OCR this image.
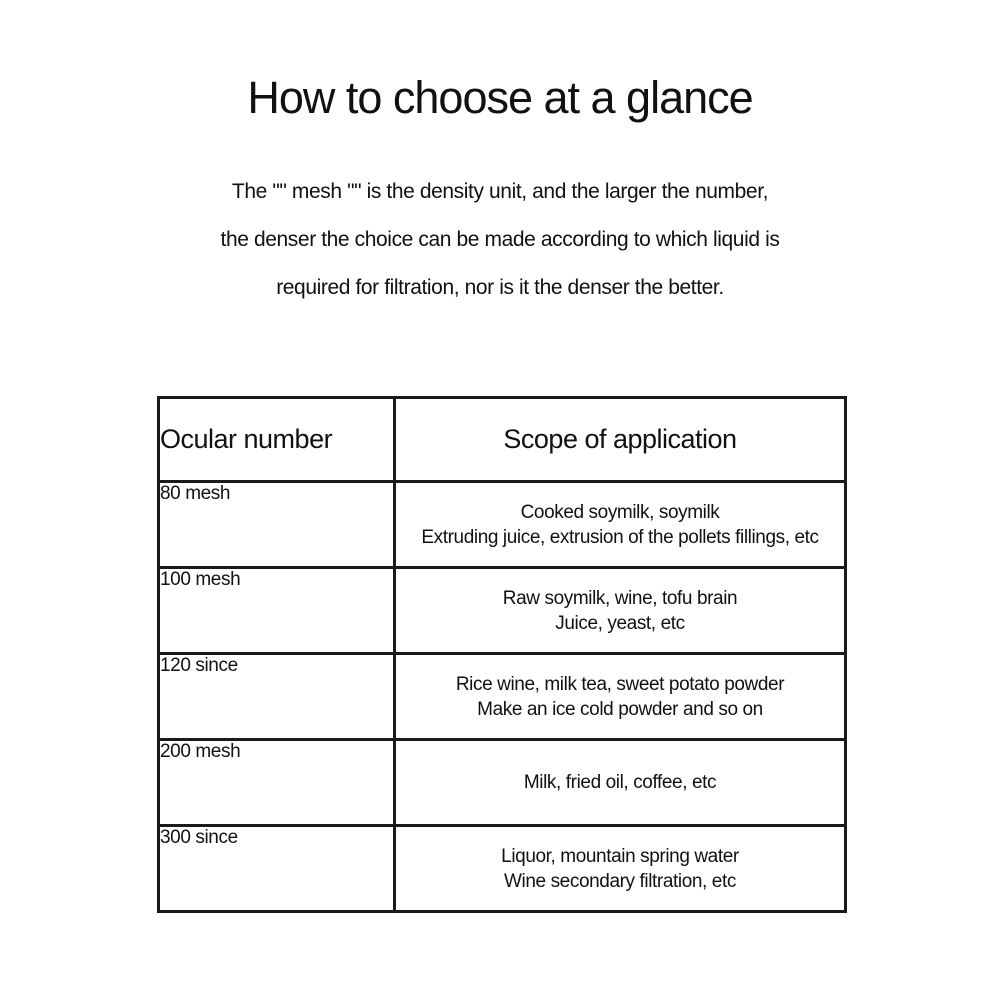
How to choose at a glance
The "" mesh "" is the density unit, and the larger the number,
the denser the choice can be made according to which liquid is
required for filtration, nor is it the denser the better.
Ocular number	Scope of application
80 mesh	Cooked soymilk, soymilk
Extruding juice, extrusion of the pollets fillings, etc

100 mesh	Raw soymilk, wine, tofu brain
Juice, yeast, etc

120 since	Rice wine, milk tea, sweet potato powder
Make an ice cold powder and so on

200 mesh	Milk, fried oil, coffee, etc

300 since	Liquor, mountain spring water
Wine secondary filtration, etc
